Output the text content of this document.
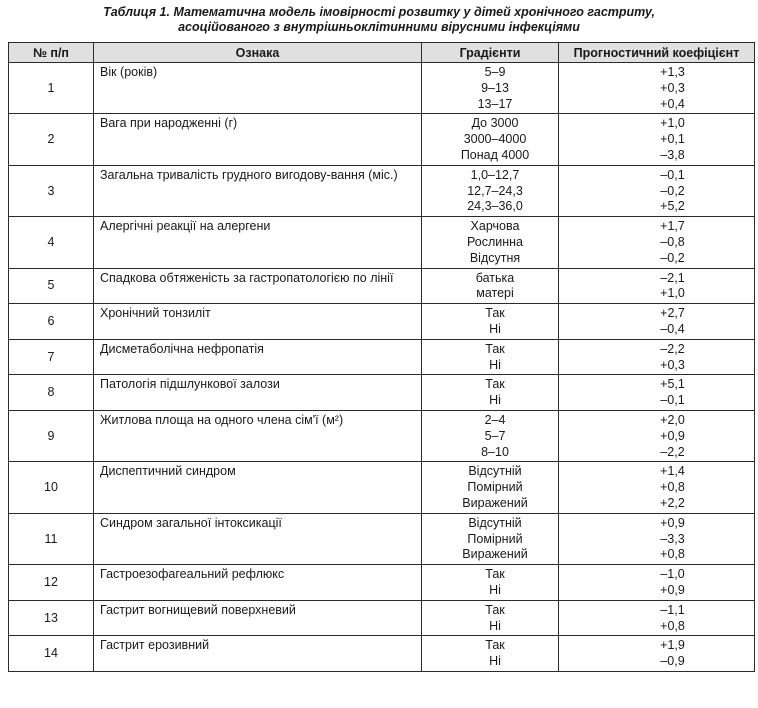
Таблиця 1. Математична модель імовірності розвитку у дітей хронічного гастриту,
асоційованого з внутрішньоклітинними вірусними інфекціями
№ п/п	Ознака	Градієнти	Прогностичний коефіцієнт
1	Вік (років)	5–9
9–13
13–17	+1,3
+0,3
+0,4

2	Вага при народженні (г)	До 3000
3000–4000
Понад 4000	+1,0
+0,1
–3,8

3	Загальна тривалість грудного вигодову-вання (міс.)	1,0–12,7
12,7–24,3
24,3–36,0	–0,1
–0,2
+5,2

4	Алергічні реакції на алергени	Харчова
Рослинна
Відсутня	+1,7
–0,8
–0,2

5	Спадкова обтяженість за гастропатологією по лінії	батька
матері	–2,1
+1,0

6	Хронічний тонзиліт	Так
Ні	+2,7
–0,4

7	Дисметаболічна нефропатія	Так
Ні	–2,2
+0,3

8	Патологія підшлункової залози	Так
Ні	+5,1
–0,1

9	Житлова площа на одного члена сім'ї (м²)	2–4
5–7
8–10	+2,0
+0,9
–2,2

10	Диспептичний синдром	Відсутній
Помірний
Виражений	+1,4
+0,8
+2,2

11	Синдром загальної інтоксикації	Відсутній
Помірний
Виражений	+0,9
–3,3
+0,8

12	Гастроезофагеальний рефлюкс	Так
Ні	–1,0
+0,9

13	Гастрит вогнищевий поверхневий	Так
Ні	–1,1
+0,8

14	Гастрит ерозивний	Так
Ні	+1,9
–0,9
